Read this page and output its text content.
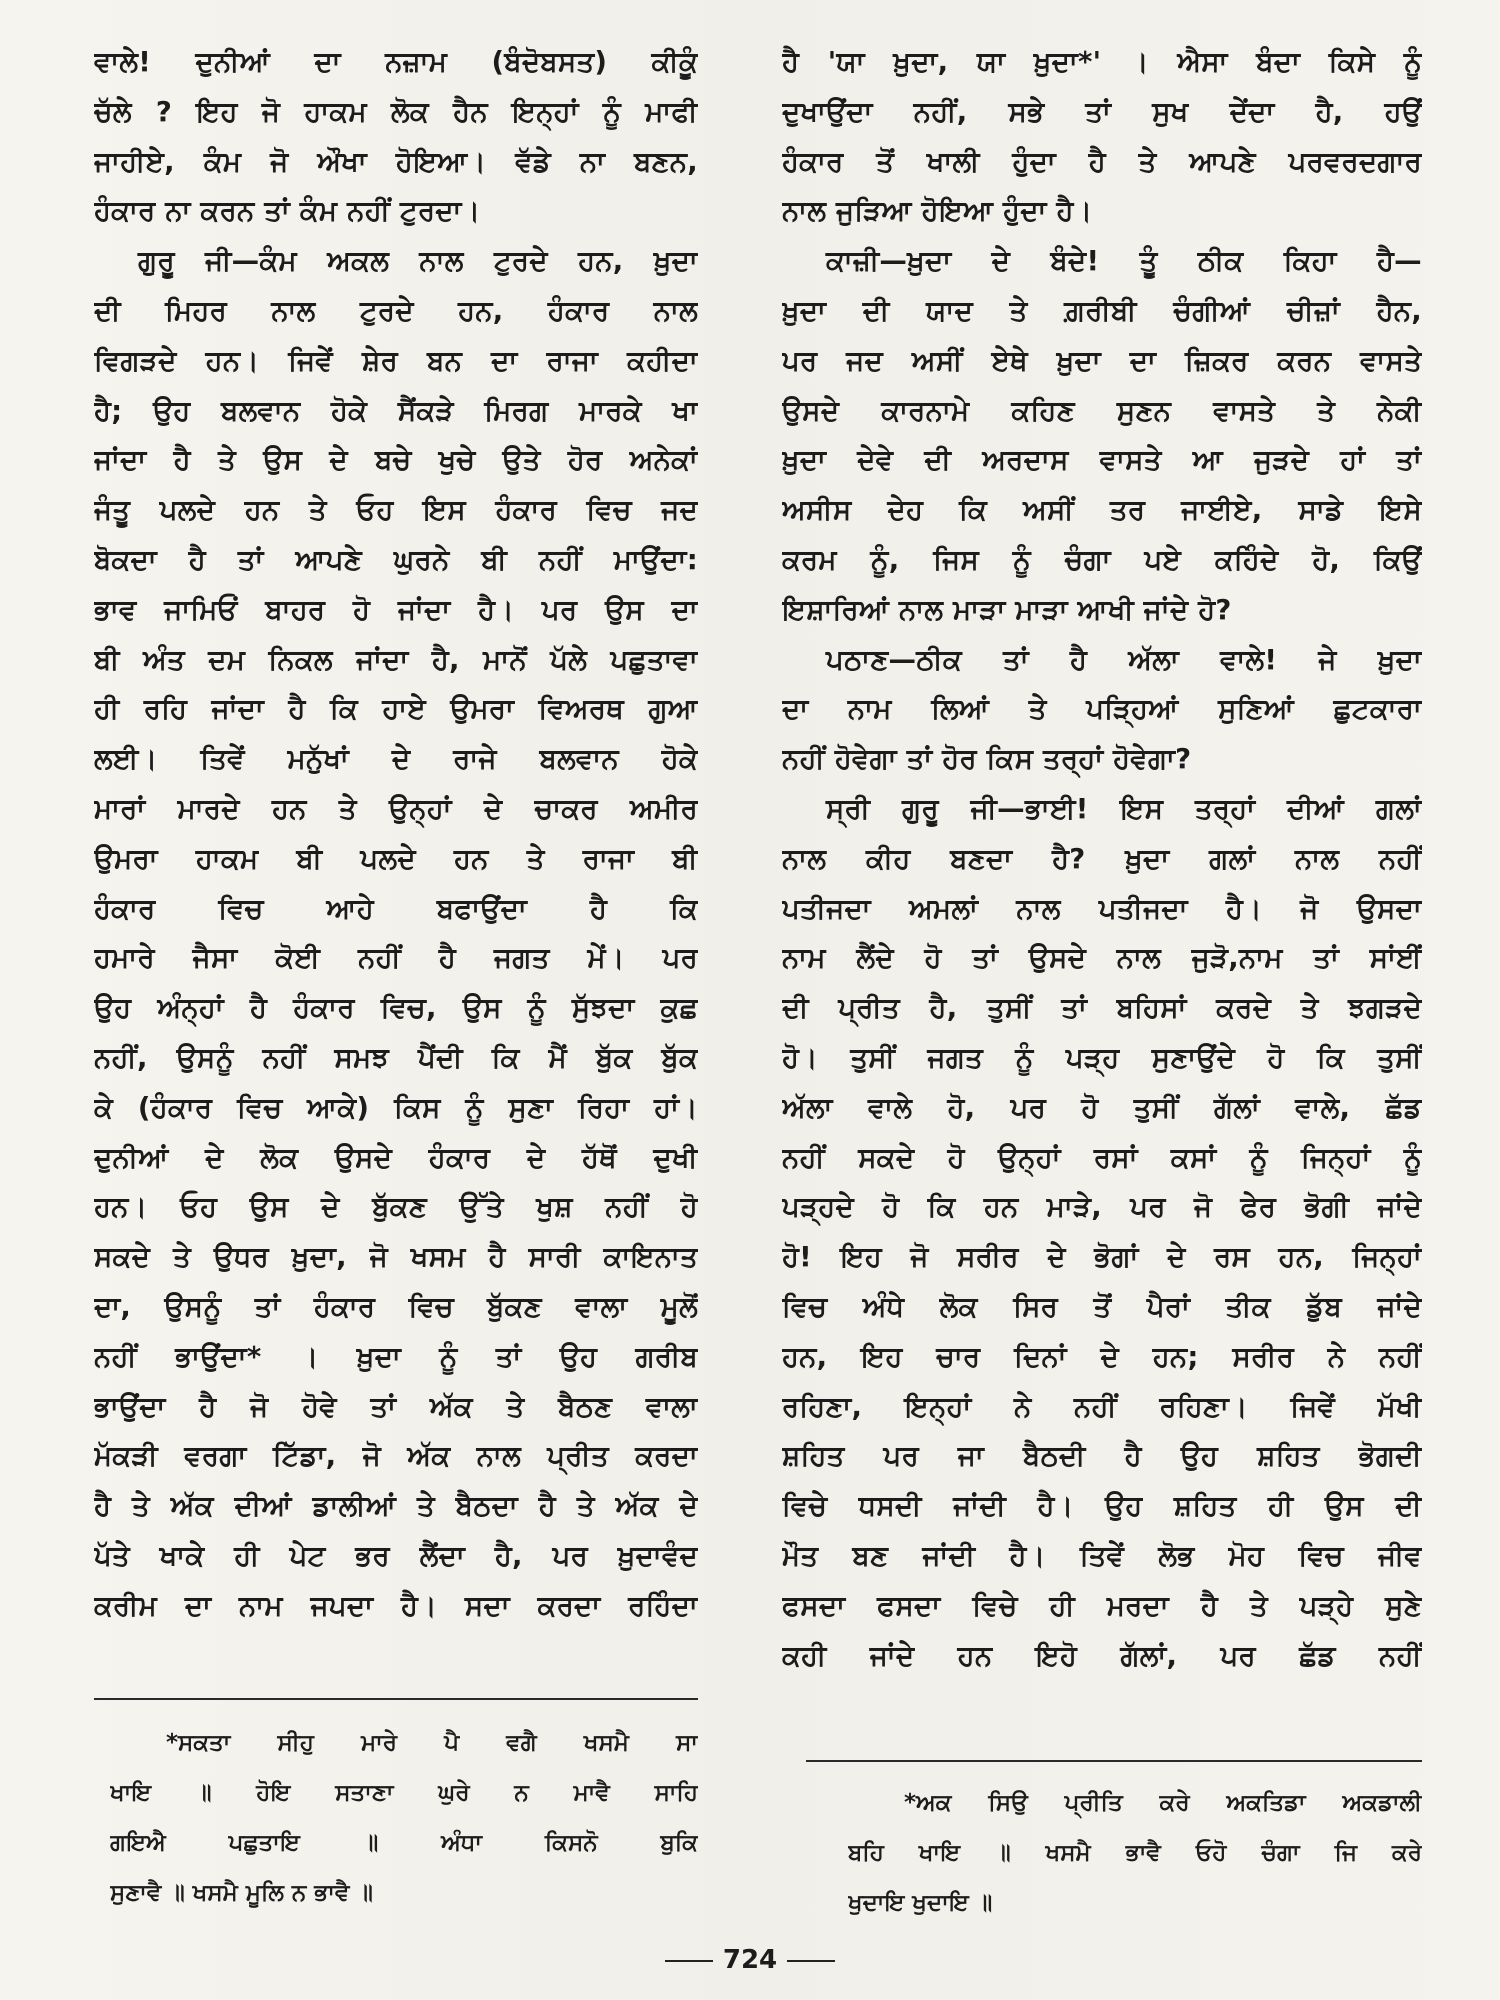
ਵਾਲੇ! ਦੁਨੀਆਂ ਦਾ ਨਜ਼ਾਮ (ਬੰਦੋਬਸਤ) ਕੀਕੂੰ
ਚੱਲੇ ? ਇਹ ਜੋ ਹਾਕਮ ਲੋਕ ਹੈਨ ਇਨ੍ਹਾਂ ਨੂੰ ਮਾਫੀ
ਜਾਹੀਏ, ਕੰਮ ਜੋ ਔਖਾ ਹੋਇਆ। ਵੱਡੇ ਨਾ ਬਣਨ,
ਹੰਕਾਰ ਨਾ ਕਰਨ ਤਾਂ ਕੰਮ ਨਹੀਂ ਟੁਰਦਾ।
ਗੁਰੂ ਜੀ—ਕੰਮ ਅਕਲ ਨਾਲ ਟੁਰਦੇ ਹਨ, ਖ਼ੁਦਾ
ਦੀ ਮਿਹਰ ਨਾਲ ਟੁਰਦੇ ਹਨ, ਹੰਕਾਰ ਨਾਲ
ਵਿਗੜਦੇ ਹਨ। ਜਿਵੇਂ ਸ਼ੇਰ ਬਨ ਦਾ ਰਾਜਾ ਕਹੀਦਾ
ਹੈ; ਉਹ ਬਲਵਾਨ ਹੋਕੇ ਸੈਂਕੜੇ ਮਿਰਗ ਮਾਰਕੇ ਖਾ
ਜਾਂਦਾ ਹੈ ਤੇ ਉਸ ਦੇ ਬਚੇ ਖੁਚੇ ਉਤੇ ਹੋਰ ਅਨੇਕਾਂ
ਜੰਤੂ ਪਲਦੇ ਹਨ ਤੇ ਓਹ ਇਸ ਹੰਕਾਰ ਵਿਚ ਜਦ
ਬੋਕਦਾ ਹੈ ਤਾਂ ਆਪਣੇ ਘੁਰਨੇ ਬੀ ਨਹੀਂ ਮਾਉਂਦਾ:
ਭਾਵ ਜਾਮਿਓਂ ਬਾਹਰ ਹੋ ਜਾਂਦਾ ਹੈ। ਪਰ ਉਸ ਦਾ
ਬੀ ਅੰਤ ਦਮ ਨਿਕਲ ਜਾਂਦਾ ਹੈ, ਮਾਨੋਂ ਪੱਲੇ ਪਛੁਤਾਵਾ
ਹੀ ਰਹਿ ਜਾਂਦਾ ਹੈ ਕਿ ਹਾਏ ਉਮਰਾ ਵਿਅਰਥ ਗੁਆ
ਲਈ। ਤਿਵੇਂ ਮਨੁੱਖਾਂ ਦੇ ਰਾਜੇ ਬਲਵਾਨ ਹੋਕੇ
ਮਾਰਾਂ ਮਾਰਦੇ ਹਨ ਤੇ ਉਨ੍ਹਾਂ ਦੇ ਚਾਕਰ ਅਮੀਰ
ਉਮਰਾ ਹਾਕਮ ਬੀ ਪਲਦੇ ਹਨ ਤੇ ਰਾਜਾ ਬੀ
ਹੰਕਾਰ ਵਿਚ ਆਹੇ ਬਫਾਉਂਦਾ ਹੈ ਕਿ
ਹਮਾਰੇ ਜੈਸਾ ਕੋਈ ਨਹੀਂ ਹੈ ਜਗਤ ਮੇਂ। ਪਰ
ਉਹ ਅੰਨ੍ਹਾਂ ਹੈ ਹੰਕਾਰ ਵਿਚ, ਉਸ ਨੂੰ ਸੁੱਝਦਾ ਕੁਛ
ਨਹੀਂ, ਉਸਨੂੰ ਨਹੀਂ ਸਮਝ ਪੈਂਦੀ ਕਿ ਮੈਂ ਬੁੱਕ ਬੁੱਕ
ਕੇ (ਹੰਕਾਰ ਵਿਚ ਆਕੇ) ਕਿਸ ਨੂੰ ਸੁਣਾ ਰਿਹਾ ਹਾਂ।
ਦੁਨੀਆਂ ਦੇ ਲੋਕ ਉਸਦੇ ਹੰਕਾਰ ਦੇ ਹੱਥੋਂ ਦੁਖੀ
ਹਨ। ਓਹ ਉਸ ਦੇ ਬੁੱਕਣ ਉੱਤੇ ਖੁਸ਼ ਨਹੀਂ ਹੋ
ਸਕਦੇ ਤੇ ਉਧਰ ਖ਼ੁਦਾ, ਜੋ ਖਸਮ ਹੈ ਸਾਰੀ ਕਾਇਨਾਤ
ਦਾ, ਉਸਨੂੰ ਤਾਂ ਹੰਕਾਰ ਵਿਚ ਬੁੱਕਣ ਵਾਲਾ ਮੂਲੋਂ
ਨਹੀਂ ਭਾਉਂਦਾ* । ਖ਼ੁਦਾ ਨੂੰ ਤਾਂ ਉਹ ਗਰੀਬ
ਭਾਉਂਦਾ ਹੈ ਜੋ ਹੋਵੇ ਤਾਂ ਅੱਕ ਤੇ ਬੈਠਣ ਵਾਲਾ
ਮੱਕੜੀ ਵਰਗਾ ਟਿੱਡਾ, ਜੋ ਅੱਕ ਨਾਲ ਪ੍ਰੀਤ ਕਰਦਾ
ਹੈ ਤੇ ਅੱਕ ਦੀਆਂ ਡਾਲੀਆਂ ਤੇ ਬੈਠਦਾ ਹੈ ਤੇ ਅੱਕ ਦੇ
ਪੱਤੇ ਖਾਕੇ ਹੀ ਪੇਟ ਭਰ ਲੈਂਦਾ ਹੈ, ਪਰ ਖ਼ੁਦਾਵੰਦ
ਕਰੀਮ ਦਾ ਨਾਮ ਜਪਦਾ ਹੈ। ਸਦਾ ਕਰਦਾ ਰਹਿੰਦਾ
ਹੈ 'ਯਾ ਖ਼ੁਦਾ, ਯਾ ਖ਼ੁਦਾ*' । ਐਸਾ ਬੰਦਾ ਕਿਸੇ ਨੂੰ
ਦੁਖਾਉਂਦਾ ਨਹੀਂ, ਸਭੇ ਤਾਂ ਸੁਖ ਦੇਂਦਾ ਹੈ, ਹਉਂ
ਹੰਕਾਰ ਤੋਂ ਖਾਲੀ ਹੁੰਦਾ ਹੈ ਤੇ ਆਪਣੇ ਪਰਵਰਦਗਾਰ
ਨਾਲ ਜੁੜਿਆ ਹੋਇਆ ਹੁੰਦਾ ਹੈ।
ਕਾਜ਼ੀ—ਖ਼ੁਦਾ ਦੇ ਬੰਦੇ! ਤੂੰ ਠੀਕ ਕਿਹਾ ਹੈ—
ਖ਼ੁਦਾ ਦੀ ਯਾਦ ਤੇ ਗ਼ਰੀਬੀ ਚੰਗੀਆਂ ਚੀਜ਼ਾਂ ਹੈਨ,
ਪਰ ਜਦ ਅਸੀਂ ਏਥੇ ਖ਼ੁਦਾ ਦਾ ਜ਼ਿਕਰ ਕਰਨ ਵਾਸਤੇ
ਉਸਦੇ ਕਾਰਨਾਮੇ ਕਹਿਣ ਸੁਣਨ ਵਾਸਤੇ ਤੇ ਨੇਕੀ
ਖ਼ੁਦਾ ਦੇਵੇ ਦੀ ਅਰਦਾਸ ਵਾਸਤੇ ਆ ਜੁੜਦੇ ਹਾਂ ਤਾਂ
ਅਸੀਸ ਦੇਹ ਕਿ ਅਸੀਂ ਤਰ ਜਾਈਏ, ਸਾਡੇ ਇਸੇ
ਕਰਮ ਨੂੰ, ਜਿਸ ਨੂੰ ਚੰਗਾ ਪਏ ਕਹਿੰਦੇ ਹੋ, ਕਿਉਂ
ਇਸ਼ਾਰਿਆਂ ਨਾਲ ਮਾੜਾ ਮਾੜਾ ਆਖੀ ਜਾਂਦੇ ਹੋ?
ਪਠਾਣ—ਠੀਕ ਤਾਂ ਹੈ ਅੱਲਾ ਵਾਲੇ! ਜੇ ਖ਼ੁਦਾ
ਦਾ ਨਾਮ ਲਿਆਂ ਤੇ ਪੜ੍ਹਿਆਂ ਸੁਣਿਆਂ ਛੁਟਕਾਰਾ
ਨਹੀਂ ਹੋਵੇਗਾ ਤਾਂ ਹੋਰ ਕਿਸ ਤਰ੍ਹਾਂ ਹੋਵੇਗਾ?
ਸ੍ਰੀ ਗੁਰੂ ਜੀ—ਭਾਈ! ਇਸ ਤਰ੍ਹਾਂ ਦੀਆਂ ਗਲਾਂ
ਨਾਲ ਕੀਹ ਬਣਦਾ ਹੈ? ਖ਼ੁਦਾ ਗਲਾਂ ਨਾਲ ਨਹੀਂ
ਪਤੀਜਦਾ ਅਮਲਾਂ ਨਾਲ ਪਤੀਜਦਾ ਹੈ। ਜੋ ਉਸਦਾ
ਨਾਮ ਲੈਂਦੇ ਹੋ ਤਾਂ ਉਸਦੇ ਨਾਲ ਜੁੜੋ,ਨਾਮ ਤਾਂ ਸਾਂਈਂ
ਦੀ ਪ੍ਰੀਤ ਹੈ, ਤੁਸੀਂ ਤਾਂ ਬਹਿਸਾਂ ਕਰਦੇ ਤੇ ਝਗੜਦੇ
ਹੋ। ਤੁਸੀਂ ਜਗਤ ਨੂੰ ਪੜ੍ਹ ਸੁਣਾਉਂਦੇ ਹੋ ਕਿ ਤੁਸੀਂ
ਅੱਲਾ ਵਾਲੇ ਹੋ, ਪਰ ਹੋ ਤੁਸੀਂ ਗੱਲਾਂ ਵਾਲੇ, ਛੱਡ
ਨਹੀਂ ਸਕਦੇ ਹੋ ਉਨ੍ਹਾਂ ਰਸਾਂ ਕਸਾਂ ਨੂੰ ਜਿਨ੍ਹਾਂ ਨੂੰ
ਪੜ੍ਹਦੇ ਹੋ ਕਿ ਹਨ ਮਾੜੇ, ਪਰ ਜੋ ਫੇਰ ਭੋਗੀ ਜਾਂਦੇ
ਹੋ! ਇਹ ਜੋ ਸਰੀਰ ਦੇ ਭੋਗਾਂ ਦੇ ਰਸ ਹਨ, ਜਿਨ੍ਹਾਂ
ਵਿਚ ਅੰਧੇ ਲੋਕ ਸਿਰ ਤੋਂ ਪੈਰਾਂ ਤੀਕ ਡੁੱਬ ਜਾਂਦੇ
ਹਨ, ਇਹ ਚਾਰ ਦਿਨਾਂ ਦੇ ਹਨ; ਸਰੀਰ ਨੇ ਨਹੀਂ
ਰਹਿਣਾ, ਇਨ੍ਹਾਂ ਨੇ ਨਹੀਂ ਰਹਿਣਾ। ਜਿਵੇਂ ਮੱਖੀ
ਸ਼ਹਿਤ ਪਰ ਜਾ ਬੈਠਦੀ ਹੈ ਉਹ ਸ਼ਹਿਤ ਭੋਗਦੀ
ਵਿਚੇ ਧਸਦੀ ਜਾਂਦੀ ਹੈ। ਉਹ ਸ਼ਹਿਤ ਹੀ ਉਸ ਦੀ
ਮੌਤ ਬਣ ਜਾਂਦੀ ਹੈ। ਤਿਵੇਂ ਲੋਭ ਮੋਹ ਵਿਚ ਜੀਵ
ਫਸਦਾ ਫਸਦਾ ਵਿਚੇ ਹੀ ਮਰਦਾ ਹੈ ਤੇ ਪੜ੍ਹੇ ਸੁਣੇ
ਕਹੀ ਜਾਂਦੇ ਹਨ ਇਹੋ ਗੱਲਾਂ, ਪਰ ਛੱਡ ਨਹੀਂ
*ਸਕਤਾ ਸੀਹੁ ਮਾਰੇ ਪੈ ਵਗੈ ਖਸਮੈ ਸਾ
ਖਾਇ ॥ ਹੋਇ ਸਤਾਣਾ ਘੁਰੇ ਨ ਮਾਵੈ ਸਾਹਿ
ਗਇਐ ਪਛੁਤਾਇ ॥ ਅੰਧਾ ਕਿਸਨੋ ਬੁਕਿ
ਸੁਣਾਵੈ ॥ ਖਸਮੈ ਮੂਲਿ ਨ ਭਾਵੈ ॥
*ਅਕ ਸਿਉ ਪ੍ਰੀਤਿ ਕਰੇ ਅਕਤਿਡਾ ਅਕਡਾਲੀ
ਬਹਿ ਖਾਇ ॥ ਖਸਮੈ ਭਾਵੈ ਓਹੋ ਚੰਗਾ ਜਿ ਕਰੇ
ਖੁਦਾਇ ਖੁਦਾਇ ॥
724
